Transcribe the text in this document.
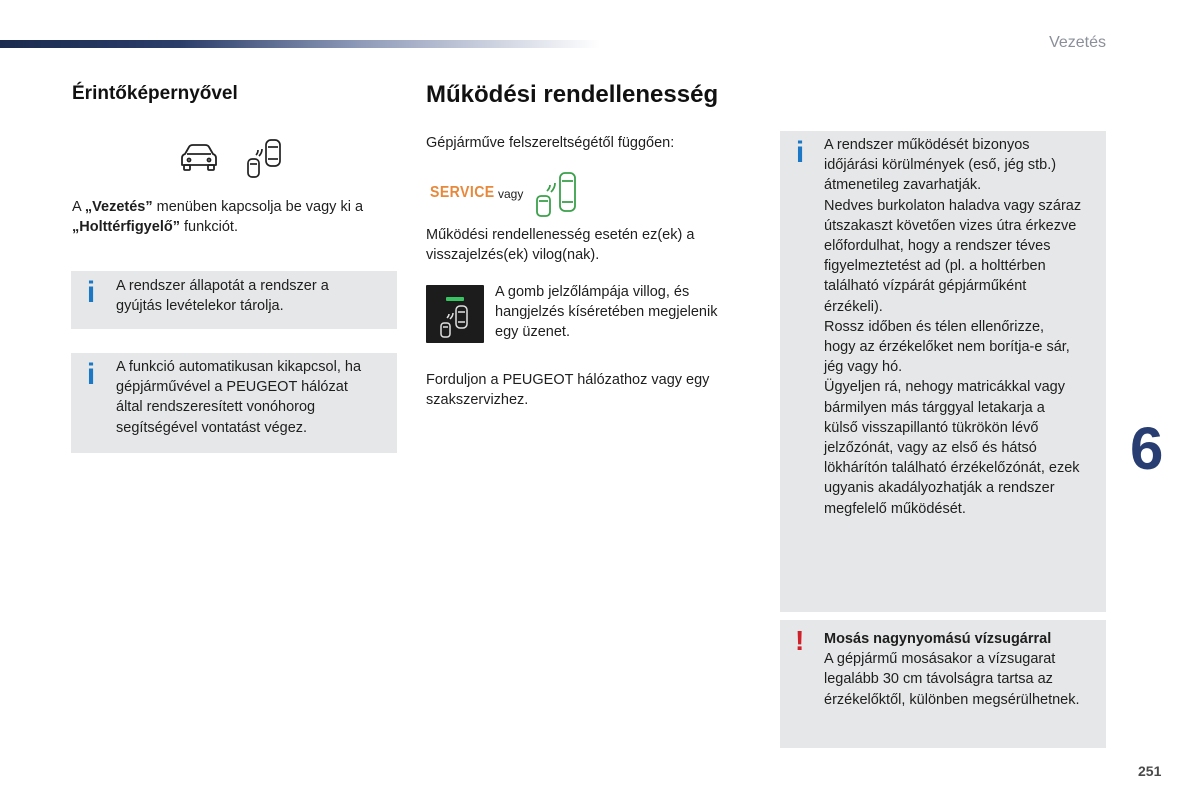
Vezetés
Érintőképernyővel
A „Vezetés” menüben kapcsolja be vagy ki a
„Holttérfigyelő” funkciót.
i A rendszer állapotát a rendszer a
gyújtás levételekor tárolja.
i A funkció automatikusan kikapcsol, ha
gépjárművével a PEUGEOT hálózat
által rendszeresített vonóhorog
segítségével vontatást végez.
Működési rendellenesség
Gépjárműve felszereltségétől függően:
SERVICE vagy
Működési rendellenesség esetén ez(ek) a
visszajelzés(ek) vilog(nak).
A gomb jelzőlámpája villog, és
hangjelzés kíséretében megjelenik
egy üzenet.
Forduljon a PEUGEOT hálózathoz vagy egy
szakszervizhez.
i A rendszer működését bizonyos
időjárási körülmények (eső, jég stb.)
átmenetileg zavarhatják.
Nedves burkolaton haladva vagy száraz
útszakaszt követően vizes útra érkezve
előfordulhat, hogy a rendszer téves
figyelmeztetést ad (pl. a holttérben
található vízpárát gépjárműként
érzékeli).
Rossz időben és télen ellenőrizze,
hogy az érzékelőket nem borítja-e sár,
jég vagy hó.
Ügyeljen rá, nehogy matricákkal vagy
bármilyen más tárggyal letakarja a
külső visszapillantó tükrökön lévő
jelzőzónát, vagy az első és hátsó
lökhárítón található érzékelőzónát, ezek
ugyanis akadályozhatják a rendszer
megfelelő működését.
! Mosás nagynyomású vízsugárral
A gépjármű mosásakor a vízsugarat
legalább 30 cm távolságra tartsa az
érzékelőktől, különben megsérülhetnek.
6
251
